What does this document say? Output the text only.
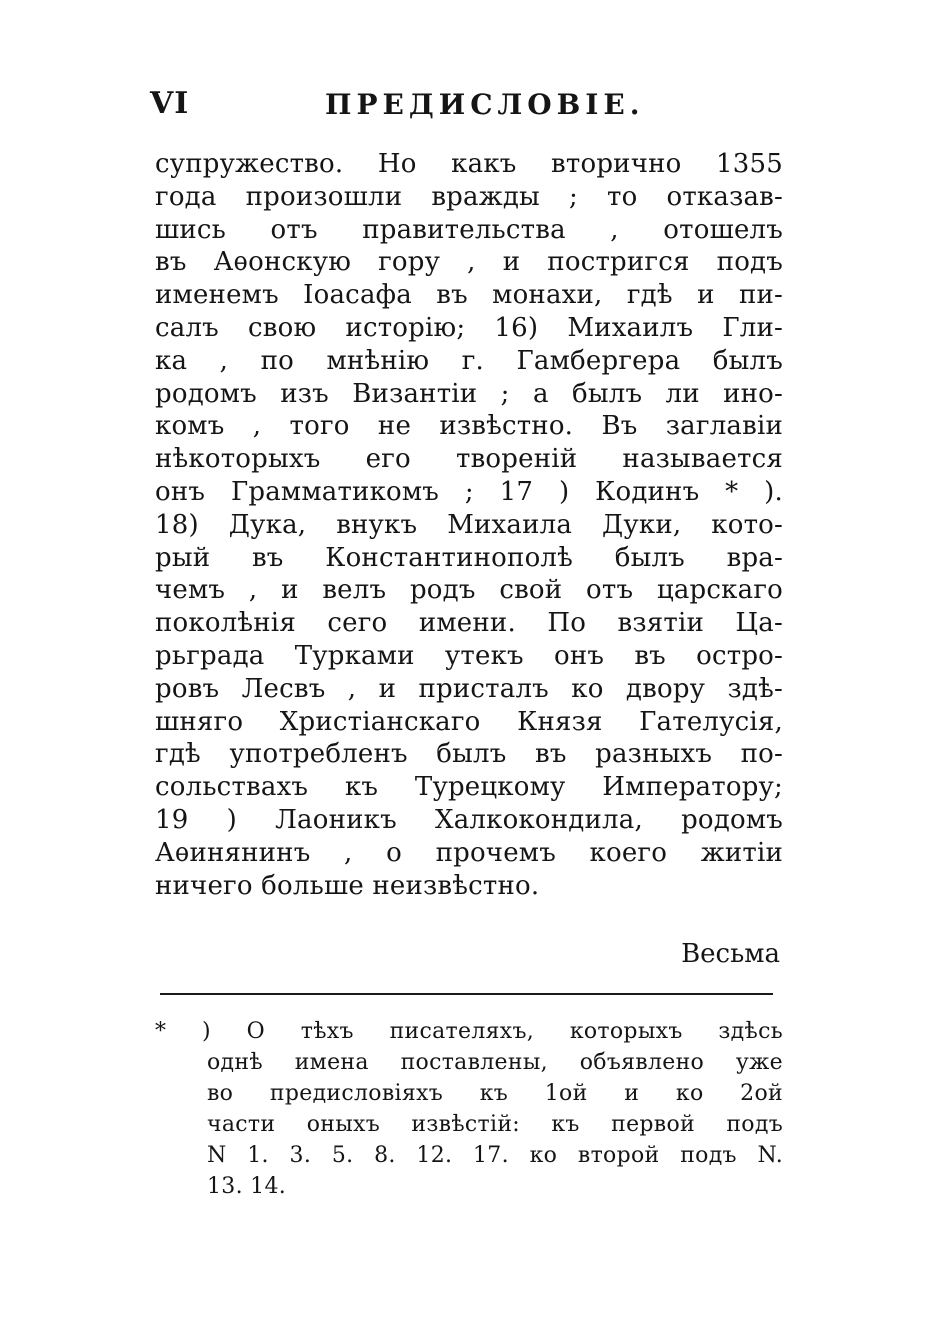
VI	ПРЕДИСЛОВІЕ.
супружество. Но какъ вторично 1355
года произошли вражды ; то отказав-
шись отъ правительства , отошелъ
въ Аѳонскую гору , и постригся подъ
именемъ Іоасафа въ монахи, гдѣ и пи-
салъ свою исторію; 16) Михаилъ Гли-
ка , по мнѣнію г. Гамбергера былъ
родомъ изъ Византіи ; а былъ ли ино-
комъ , того не извѣстно. Въ заглавіи
нѣкоторыхъ его твореній называется
онъ Грамматикомъ ; 17 ) Кодинъ * ).
18) Дука, внукъ Михаила Дуки, кото-
рый въ Константинополѣ былъ вра-
чемъ , и велъ родъ свой отъ царскаго
поколѣнія сего имени. По взятіи Ца-
рьграда Турками утекъ онъ въ остро-
ровъ Лесвъ , и присталъ ко двору здѣ-
шняго Христіанскаго Князя Гателусія,
гдѣ употребленъ былъ въ разныхъ по-
сольствахъ къ Турецкому Императору;
19 ) Лаоникъ Халкокондила, родомъ
Аѳинянинъ , о прочемъ коего житіи
ничего больше неизвѣстно.
Весьма
* ) О тѣхъ писателяхъ, которыхъ здѣсь
однѣ имена поставлены, объявлено уже
во предисловіяхъ къ 1ой и ко 2ой
части оныхъ извѣстій: къ первой подъ
N 1. 3. 5. 8. 12. 17. ко второй подъ N.
13. 14.
